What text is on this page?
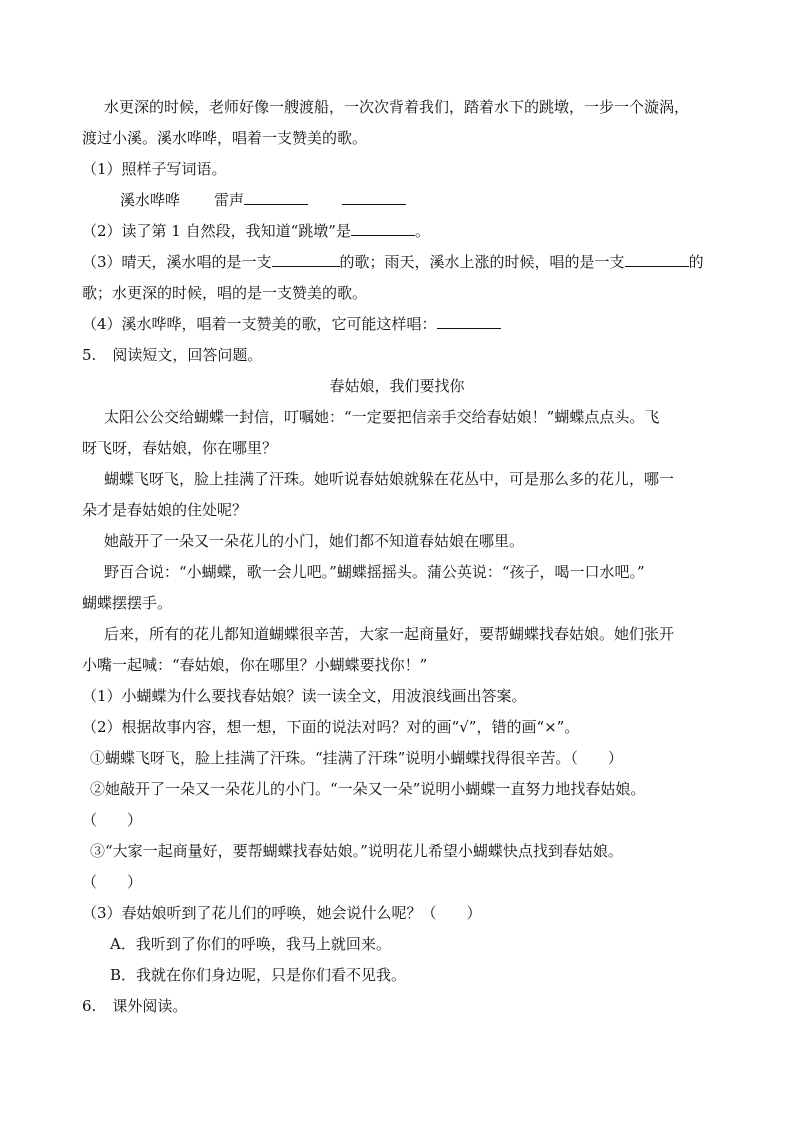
水更深的时候，老师好像一艘渡船，一次次背着我们，踏着水下的跳墩，一步一个漩涡，
渡过小溪。溪水哗哗，唱着一支赞美的歌。
（1）照样子写词语。
溪水哗哗 雷声
（2）读了第 1 自然段，我知道“跳墩”是	。
（3）晴天，溪水唱的是一支	的歌；雨天，溪水上涨的时候，唱的是一支	的
歌；水更深的时候，唱的是一支赞美的歌。
（4）溪水哗哗，唱着一支赞美的歌，它可能这样唱：
5. 阅读短文，回答问题。
春姑娘，我们要找你
太阳公公交给蝴蝶一封信，叮嘱她：“一定要把信亲手交给春姑娘！”蝴蝶点点头。飞
呀飞呀，春姑娘，你在哪里？
蝴蝶飞呀飞，脸上挂满了汗珠。她听说春姑娘就躲在花丛中，可是那么多的花儿，哪一
朵才是春姑娘的住处呢？
她敲开了一朵又一朵花儿的小门，她们都不知道春姑娘在哪里。
野百合说：“小蝴蝶，歌一会儿吧。”蝴蝶摇摇头。蒲公英说：“孩子，喝一口水吧。”
蝴蝶摆摆手。
后来，所有的花儿都知道蝴蝶很辛苦，大家一起商量好，要帮蝴蝶找春姑娘。她们张开
小嘴一起喊：“春姑娘，你在哪里？小蝴蝶要找你！”
（1）小蝴蝶为什么要找春姑娘？读一读全文，用波浪线画出答案。
（2）根据故事内容，想一想，下面的说法对吗？对的画“√”，错的画“×”。
①蝴蝶飞呀飞，脸上挂满了汗珠。“挂满了汗珠”说明小蝴蝶找得很辛苦。（　　）
②她敲开了一朵又一朵花儿的小门。“一朵又一朵”说明小蝴蝶一直努力地找春姑娘。
（　　）
③“大家一起商量好，要帮蝴蝶找春姑娘。”说明花儿希望小蝴蝶快点找到春姑娘。
（　　）
（3）春姑娘听到了花儿们的呼唤，她会说什么呢？（　　）
A．我听到了你们的呼唤，我马上就回来。
B．我就在你们身边呢，只是你们看不见我。
6. 课外阅读。
